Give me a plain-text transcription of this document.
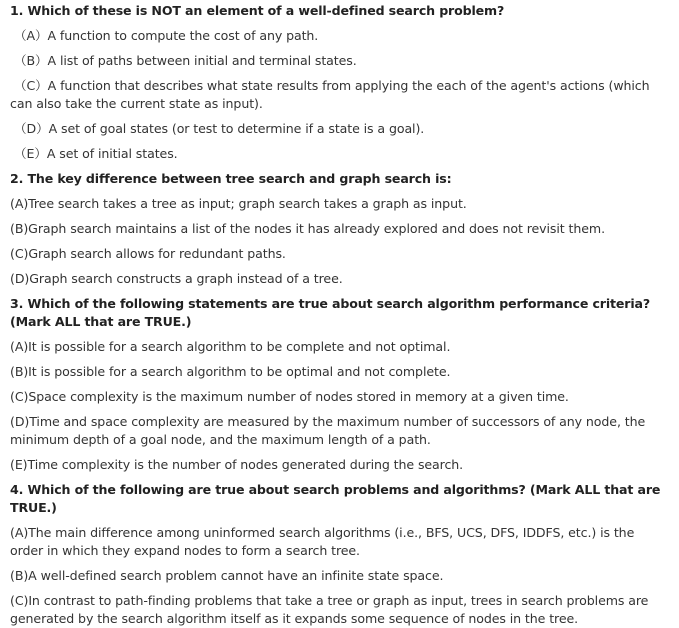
1. Which of these is NOT an element of a well-defined search problem?
（A）A function to compute the cost of any path.
（B）A list of paths between initial and terminal states.
（C）A function that describes what state results from applying the each of the agent's actions (which can also take the current state as input).
（D）A set of goal states (or test to determine if a state is a goal).
（E）A set of initial states.
2. The key difference between tree search and graph search is:
(A)Tree search takes a tree as input; graph search takes a graph as input.
(B)Graph search maintains a list of the nodes it has already explored and does not revisit them.
(C)Graph search allows for redundant paths.
(D)Graph search constructs a graph instead of a tree.
3. Which of the following statements are true about search algorithm performance criteria? (Mark ALL that are TRUE.)
(A)It is possible for a search algorithm to be complete and not optimal.
(B)It is possible for a search algorithm to be optimal and not complete.
(C)Space complexity is the maximum number of nodes stored in memory at a given time.
(D)Time and space complexity are measured by the maximum number of successors of any node, the minimum depth of a goal node, and the maximum length of a path.
(E)Time complexity is the number of nodes generated during the search.
4. Which of the following are true about search problems and algorithms? (Mark ALL that are TRUE.)
(A)The main difference among uninformed search algorithms (i.e., BFS, UCS, DFS, IDDFS, etc.) is the order in which they expand nodes to form a search tree.
(B)A well-defined search problem cannot have an infinite state space.
(C)In contrast to path-finding problems that take a tree or graph as input, trees in search problems are generated by the search algorithm itself as it expands some sequence of nodes in the tree.
